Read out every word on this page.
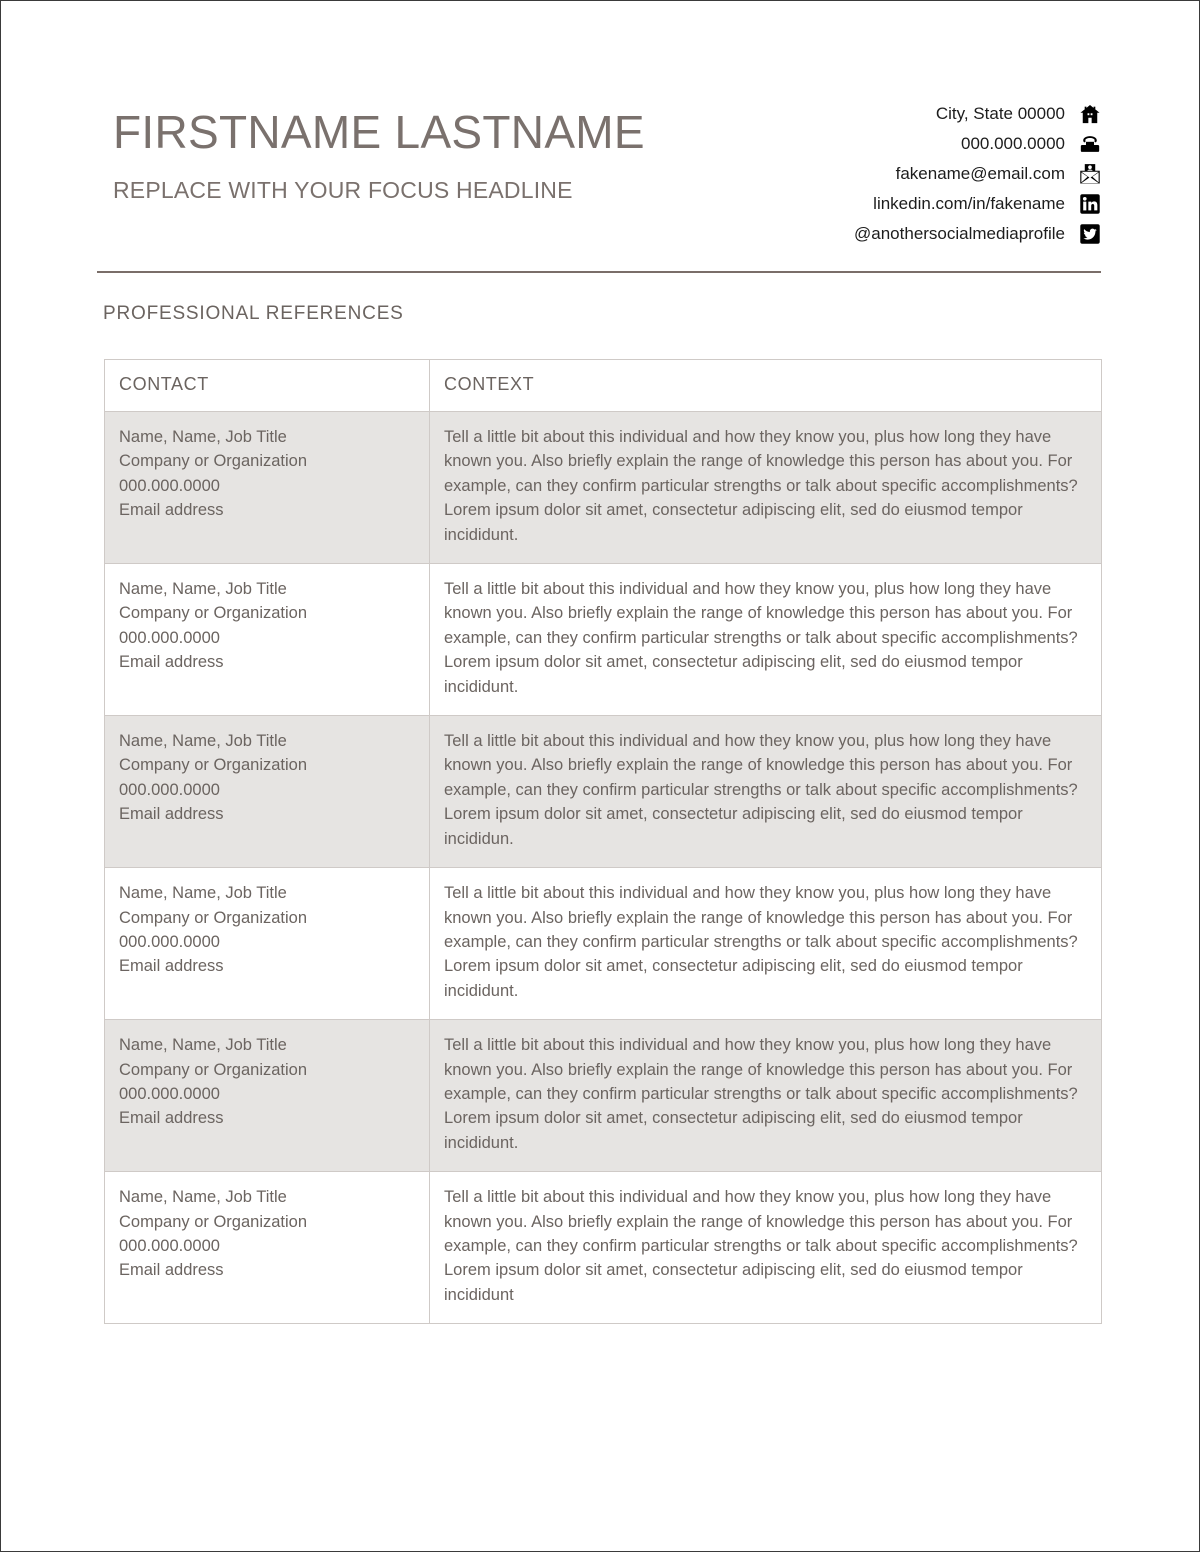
FIRSTNAME LASTNAME
REPLACE WITH YOUR FOCUS HEADLINE
City, State 00000
000.000.0000
fakename@email.com
linkedin.com/in/fakename
@anothersocialmediaprofile
PROFESSIONAL REFERENCES
CONTACT	CONTEXT

Name, Name, Job Title
Company or Organization
000.000.0000
Email address
	Tell a little bit about this individual and how they know you, plus how long they have known you. Also briefly explain the range of knowledge this person has about you. For example, can they confirm particular strengths or talk about specific accomplishments? Lorem ipsum dolor sit amet, consectetur adipiscing elit, sed do eiusmod tempor incididunt.

Name, Name, Job Title
Company or Organization
000.000.0000
Email address
	Tell a little bit about this individual and how they know you, plus how long they have known you. Also briefly explain the range of knowledge this person has about you. For example, can they confirm particular strengths or talk about specific accomplishments? Lorem ipsum dolor sit amet, consectetur adipiscing elit, sed do eiusmod tempor incididunt.

Name, Name, Job Title
Company or Organization
000.000.0000
Email address
	Tell a little bit about this individual and how they know you, plus how long they have known you. Also briefly explain the range of knowledge this person has about you. For example, can they confirm particular strengths or talk about specific accomplishments? Lorem ipsum dolor sit amet, consectetur adipiscing elit, sed do eiusmod tempor incididun.

Name, Name, Job Title
Company or Organization
000.000.0000
Email address
	Tell a little bit about this individual and how they know you, plus how long they have known you. Also briefly explain the range of knowledge this person has about you. For example, can they confirm particular strengths or talk about specific accomplishments? Lorem ipsum dolor sit amet, consectetur adipiscing elit, sed do eiusmod tempor incididunt.

Name, Name, Job Title
Company or Organization
000.000.0000
Email address
	Tell a little bit about this individual and how they know you, plus how long they have known you. Also briefly explain the range of knowledge this person has about you. For example, can they confirm particular strengths or talk about specific accomplishments? Lorem ipsum dolor sit amet, consectetur adipiscing elit, sed do eiusmod tempor incididunt.

Name, Name, Job Title
Company or Organization
000.000.0000
Email address
	Tell a little bit about this individual and how they know you, plus how long they have known you. Also briefly explain the range of knowledge this person has about you. For example, can they confirm particular strengths or talk about specific accomplishments? Lorem ipsum dolor sit amet, consectetur adipiscing elit, sed do eiusmod tempor incididunt
